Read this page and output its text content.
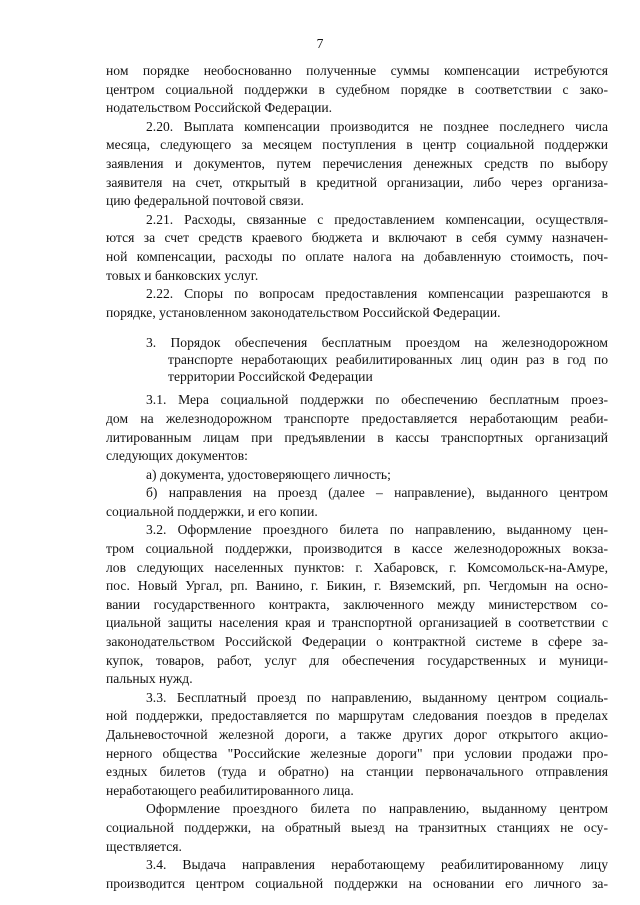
7
ном порядке необоснованно полученные суммы компенсации истребуются
центром социальной поддержки в судебном порядке в соответствии с зако-
нодательством Российской Федерации.
2.20. Выплата компенсации производится не позднее последнего числа
месяца, следующего за месяцем поступления в центр социальной поддержки
заявления и документов, путем перечисления денежных средств по выбору
заявителя на счет, открытый в кредитной организации, либо через организа-
цию федеральной почтовой связи.
2.21. Расходы, связанные с предоставлением компенсации, осуществля-
ются за счет средств краевого бюджета и включают в себя сумму назначен-
ной компенсации, расходы по оплате налога на добавленную стоимость, поч-
товых и банковских услуг.
2.22. Споры по вопросам предоставления компенсации разрешаются в
порядке, установленном законодательством Российской Федерации.
3. Порядок обеспечения бесплатным проездом на железнодорожном
транспорте неработающих реабилитированных лиц один раз в год по
территории Российской Федерации
3.1. Мера социальной поддержки по обеспечению бесплатным проез-
дом на железнодорожном транспорте предоставляется неработающим реаби-
литированным лицам при предъявлении в кассы транспортных организаций
следующих документов:
а) документа, удостоверяющего личность;
б) направления на проезд (далее – направление), выданного центром
социальной поддержки, и его копии.
3.2. Оформление проездного билета по направлению, выданному цен-
тром социальной поддержки, производится в кассе железнодорожных вокза-
лов следующих населенных пунктов: г. Хабаровск, г. Комсомольск-на-Амуре,
пос. Новый Ургал, рп. Ванино, г. Бикин, г. Вяземский, рп. Чегдомын на осно-
вании государственного контракта, заключенного между министерством со-
циальной защиты населения края и транспортной организацией в соответствии с
законодательством Российской Федерации о контрактной системе в сфере за-
купок, товаров, работ, услуг для обеспечения государственных и муници-
пальных нужд.
3.3. Бесплатный проезд по направлению, выданному центром социаль-
ной поддержки, предоставляется по маршрутам следования поездов в пределах
Дальневосточной железной дороги, а также других дорог открытого акцио-
нерного общества "Российские железные дороги" при условии продажи про-
ездных билетов (туда и обратно) на станции первоначального отправления
неработающего реабилитированного лица.
Оформление проездного билета по направлению, выданному центром
социальной поддержки, на обратный выезд на транзитных станциях не осу-
ществляется.
3.4. Выдача направления неработающему реабилитированному лицу
производится центром социальной поддержки на основании его личного за-
